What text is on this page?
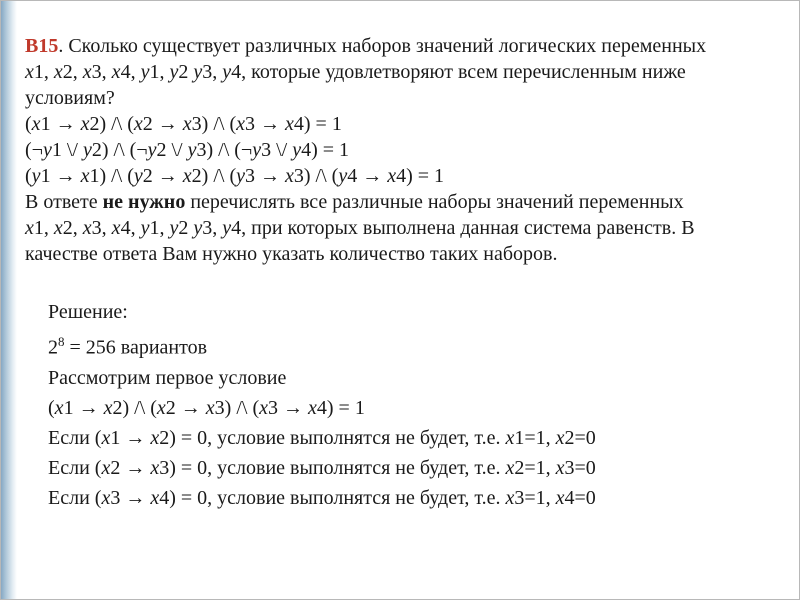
B15. Сколько существует различных наборов значений логических переменных

x1, x2, x3, x4, y1, y2 y3, y4, которые удовлетворяют всем перечисленным ниже

условиям?

(x1 → x2) /\ (x2 → x3) /\ (x3 → x4) = 1

(¬y1 \/ y2) /\ (¬y2 \/ y3) /\ (¬y3 \/ y4) = 1

(y1 → x1) /\ (y2 → x2) /\ (y3 → x3) /\ (y4 → x4) = 1

В ответе не нужно перечислять все различные наборы значений переменных

x1, x2, x3, x4, y1, y2 y3, y4, при которых выполнена данная система равенств. В

качестве ответа Вам нужно указать количество таких наборов.

Решение:

$2^8 = 256$ вариантов

Рассмотрим первое условие

(x1 → x2) /\ (x2 → x3) /\ (x3 → x4) = 1

Если (x1 → x2) = 0, условие выполнятся не будет, т.е. x1=1, x2=0

Если (x2 → x3) = 0, условие выполнятся не будет, т.е. x2=1, x3=0

Если (x3 → x4) = 0, условие выполнятся не будет, т.е. x3=1, x4=0
